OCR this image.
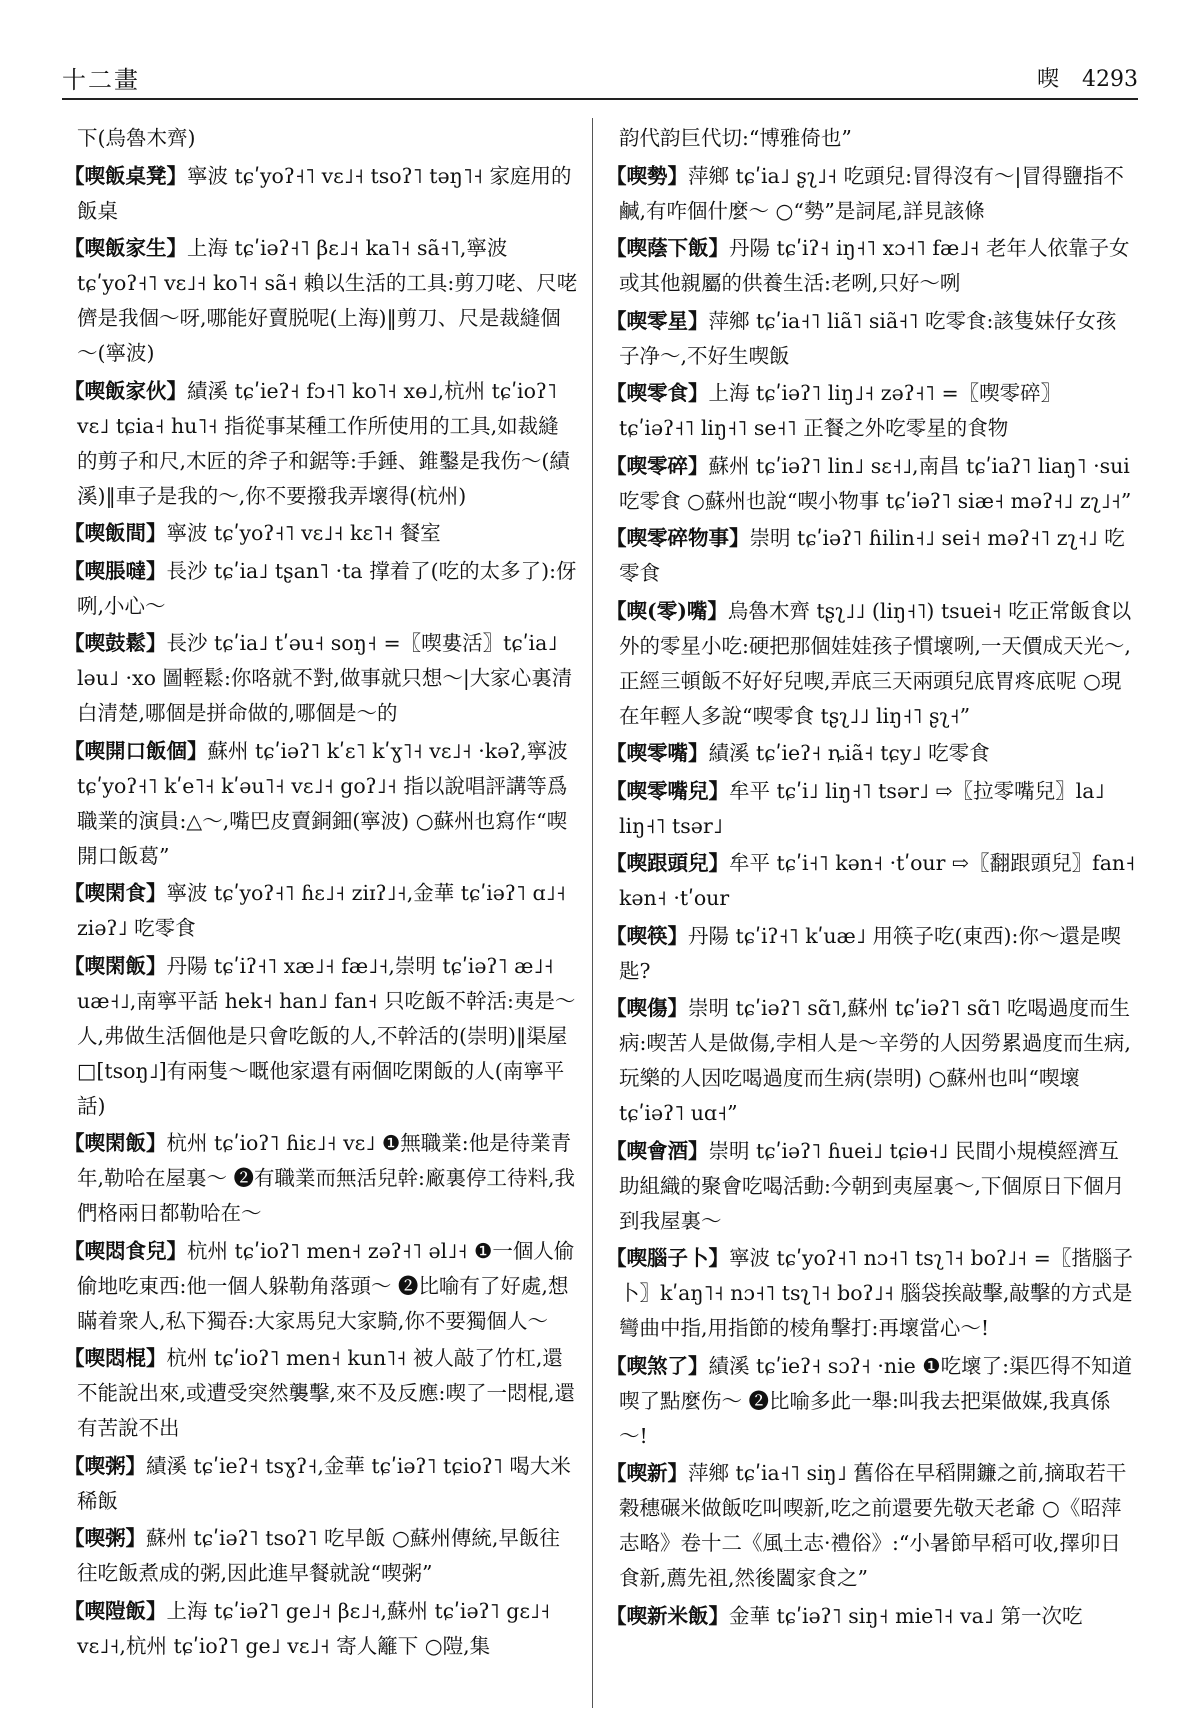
十二畫	喫 4293

下(烏魯木齊)

【喫飯桌凳】寧波 tɕʹyoʔ˧˥ vɛ˩˧ tsoʔ˥ təŋ˥˧ 家庭用的飯桌

【喫飯家生】上海 tɕʹiəʔ˧˥ βɛ˩˧ ka˥˧ sã˧˥,寧波 tɕʹyoʔ˧˥ vɛ˩˧ ko˥˧ sã˧ 賴以生活的工具:剪刀咾、尺咾儕是我個～呀,哪能好賣脱呢(上海)‖剪刀、尺是裁縫個～(寧波)

【喫飯家伙】績溪 tɕʹieʔ˧ fɔ˧˥ ko˥˧ xɵ˩,杭州 tɕʹioʔ˥ vɛ˩ tɕia˧ hu˥˧ 指從事某種工作所使用的工具,如裁縫的剪子和尺,木匠的斧子和鋸等:手錘、錐鑿是我伤～(績溪)‖車子是我的～,你不要撥我弄壞得(杭州)

【喫飯間】寧波 tɕʹyoʔ˧˥ vɛ˩˧ kɛ˥˧ 餐室

【喫脹噠】長沙 tɕʹia˩ tʂan˥ ·ta 撑着了(吃的太多了):伢咧,小心～

【喫鼓鬆】長沙 tɕʹia˩ tʹəu˧ soŋ˧ =〖喫婁活〗tɕʹia˩ ləu˩ ·xo 圖輕鬆:你咯就不對,做事就只想～|大家心裏清白清楚,哪個是拼命做的,哪個是～的

【喫開口飯個】蘇州 tɕʹiəʔ˥ kʹɛ˥ kʹɣ˥˧ vɛ˩˧ ·kəʔ,寧波 tɕʹyoʔ˧˥ kʹe˥˧ kʹəu˥˧ vɛ˩˧ goʔ˩˧ 指以說唱評講等爲職業的演員:△～,嘴巴皮賣銅鈿(寧波) ○蘇州也寫作“喫開口飯葛”

【喫閑食】寧波 tɕʹyoʔ˧˥ ɦɛ˩˧ ziɪʔ˩˧,金華 tɕʹiəʔ˥ ɑ˩˧ ziəʔ˩ 吃零食

【喫閑飯】丹陽 tɕʹiʔ˧˥ xæ˩˧ fæ˩˧,崇明 tɕʹiəʔ˥ æ˩˧ uæ˧˩,南寧平話 hek˧ han˩ fan˧ 只吃飯不幹活:夷是～人,弗做生活個他是只會吃飯的人,不幹活的(崇明)‖渠屋□[tsoŋ˩]有兩隻～嘅他家還有兩個吃閑飯的人(南寧平話)

【喫閑飯】杭州 tɕʹioʔ˥ ɦiɛ˩˧ vɛ˩ ❶無職業:他是待業青年,勒哈在屋裏～ ❷有職業而無活兒幹:廠裏停工待料,我們格兩日都勒哈在～

【喫悶食兒】杭州 tɕʹioʔ˥ men˧ zəʔ˧˥ əl˩˧ ❶一個人偷偷地吃東西:他一個人躲勒角落頭～ ❷比喻有了好處,想瞞着衆人,私下獨吞:大家馬兒大家騎,你不要獨個人～

【喫悶棍】杭州 tɕʹioʔ˥ men˧ kun˥˧ 被人敲了竹杠,還不能說出來,或遭受突然襲擊,來不及反應:喫了一悶棍,還有苦說不出

【喫粥】績溪 tɕʹieʔ˧ tsɣʔ˧,金華 tɕʹiəʔ˥ tɕioʔ˥ 喝大米稀飯

【喫粥】蘇州 tɕʹiəʔ˥ tsoʔ˥ 吃早飯 ○蘇州傳統,早飯往往吃飯煮成的粥,因此進早餐就說“喫粥”

【喫隑飯】上海 tɕʹiəʔ˥ ge˩˧ βɛ˩˧,蘇州 tɕʹiəʔ˥ gɛ˩˧ vɛ˩˧,杭州 tɕʹioʔ˥ ge˩ vɛ˩˧ 寄人籬下 ○隑,集

韵代韵巨代切:“博雅倚也”

【喫勢】萍鄉 tɕʹia˩ ʂʅ˩˧ 吃頭兒:冒得沒有～|冒得鹽指不鹹,有咋個什麼～ ○“勢”是詞尾,詳見該條

【喫蔭下飯】丹陽 tɕʹiʔ˧ iŋ˧˥ xɔ˧˥ fæ˩˧ 老年人依靠子女或其他親屬的供養生活:老咧,只好～咧

【喫零星】萍鄉 tɕʹia˧˥ liã˥ siã˧˥ 吃零食:該隻妹仔女孩子净～,不好生喫飯

【喫零食】上海 tɕʹiəʔ˥ liŋ˩˧ zəʔ˧˥ =〖喫零碎〗tɕʹiəʔ˧˥ liŋ˧˥ se˧˥ 正餐之外吃零星的食物

【喫零碎】蘇州 tɕʹiəʔ˥ lin˩ sɛ˧˩,南昌 tɕʹiaʔ˥ liaŋ˥ ·sui 吃零食 ○蘇州也說“喫小物事 tɕʹiəʔ˥ siæ˧ məʔ˧˩ zʅ˩˧”

【喫零碎物事】崇明 tɕʹiəʔ˥ ɦilin˧˩ sei˧ məʔ˧˥ zʅ˧˩ 吃零食

【喫(零)嘴】烏魯木齊 tʂʅ˩˩ (liŋ˧˥) tsuei˧ 吃正常飯食以外的零星小吃:硬把那個娃娃孩子慣壞咧,一天價成天光～,正經三頓飯不好好兒喫,弄底三天兩頭兒底胃疼底呢 ○現在年輕人多說“喫零食 tʂʅ˩˩ liŋ˧˥ ʂʅ˧”

【喫零嘴】績溪 tɕʹieʔ˧ ȵiã˧ tɕy˩ 吃零食

【喫零嘴兒】牟平 tɕʹi˩ liŋ˧˥ tsər˩ ⇨〖拉零嘴兒〗la˩ liŋ˧˥ tsər˩

【喫跟頭兒】牟平 tɕʹi˧˥ kən˧ ·tʹour ⇨〖翻跟頭兒〗fan˧ kən˧ ·tʹour

【喫筷】丹陽 tɕʹiʔ˧˥ kʹuæ˩ 用筷子吃(東西):你～還是喫匙?

【喫傷】崇明 tɕʹiəʔ˥ sɑ̃˥,蘇州 tɕʹiəʔ˥ sɑ̃˥ 吃喝過度而生病:喫苦人是做傷,孛相人是～辛勞的人因勞累過度而生病,玩樂的人因吃喝過度而生病(崇明) ○蘇州也叫“喫壞 tɕʹiəʔ˥ uɑ˧”

【喫會酒】崇明 tɕʹiəʔ˥ ɦuei˩ tɕiɵ˧˩ 民間小規模經濟互助組織的聚會吃喝活動:今朝到夷屋裏～,下個原日下個月到我屋裏～

【喫腦子卜】寧波 tɕʹyoʔ˧˥ nɔ˧˥ tsʅ˥˧ boʔ˩˧ =〖揩腦子卜〗kʹaŋ˥˧ nɔ˧˥ tsʅ˥˧ boʔ˩˧ 腦袋挨敲擊,敲擊的方式是彎曲中指,用指節的棱角擊打:再壞當心～!

【喫煞了】績溪 tɕʹieʔ˧ sɔʔ˧ ·nie ❶吃壞了:渠匹得不知道喫了點麼伤～ ❷比喻多此一舉:叫我去把渠做媒,我真係～!

【喫新】萍鄉 tɕʹia˧˥ siŋ˩ 舊俗在早稻開鐮之前,摘取若干穀穗碾米做飯吃叫喫新,吃之前還要先敬天老爺 ○《昭萍志略》卷十二《風土志·禮俗》:“小暑節早稻可收,擇卯日食新,薦先祖,然後闔家食之”

【喫新米飯】金華 tɕʹiəʔ˥ siŋ˧ mie˥˧ va˩ 第一次吃
